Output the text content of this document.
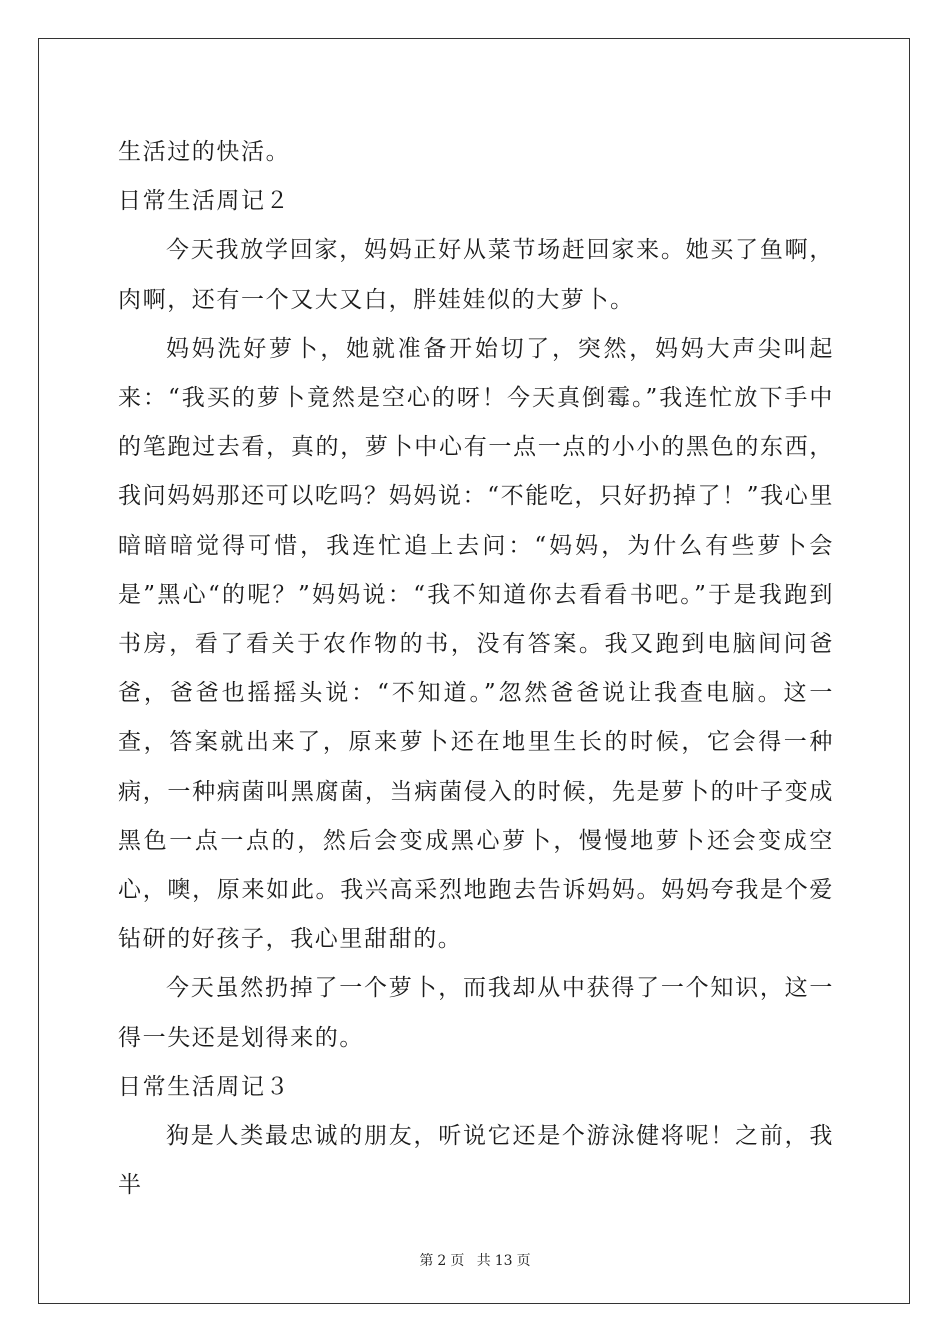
生活过的快活。

日常生活周记２

今天我放学回家，妈妈正好从菜节场赶回家来。她买了鱼啊，肉啊，还有一个又大又白，胖娃娃似的大萝卜。

妈妈洗好萝卜，她就准备开始切了，突然，妈妈大声尖叫起来：“我买的萝卜竟然是空心的呀！今天真倒霉。”我连忙放下手中的笔跑过去看，真的，萝卜中心有一点一点的小小的黑色的东西，我问妈妈那还可以吃吗？妈妈说：“不能吃，只好扔掉了！”我心里暗暗暗觉得可惜，我连忙追上去问：“妈妈，为什么有些萝卜会是”黑心“的呢？”妈妈说：“我不知道你去看看书吧。”于是我跑到书房，看了看关于农作物的书，没有答案。我又跑到电脑间问爸爸，爸爸也摇摇头说：“不知道。”忽然爸爸说让我查电脑。这一查，答案就出来了，原来萝卜还在地里生长的时候，它会得一种病，一种病菌叫黑腐菌，当病菌侵入的时候，先是萝卜的叶子变成黑色一点一点的，然后会变成黑心萝卜，慢慢地萝卜还会变成空心，噢，原来如此。我兴高采烈地跑去告诉妈妈。妈妈夸我是个爱钻研的好孩子，我心里甜甜的。

今天虽然扔掉了一个萝卜，而我却从中获得了一个知识，这一得一失还是划得来的。

日常生活周记３

狗是人类最忠诚的朋友，听说它还是个游泳健将呢！之前，我半

第 2 页 共 13 页
